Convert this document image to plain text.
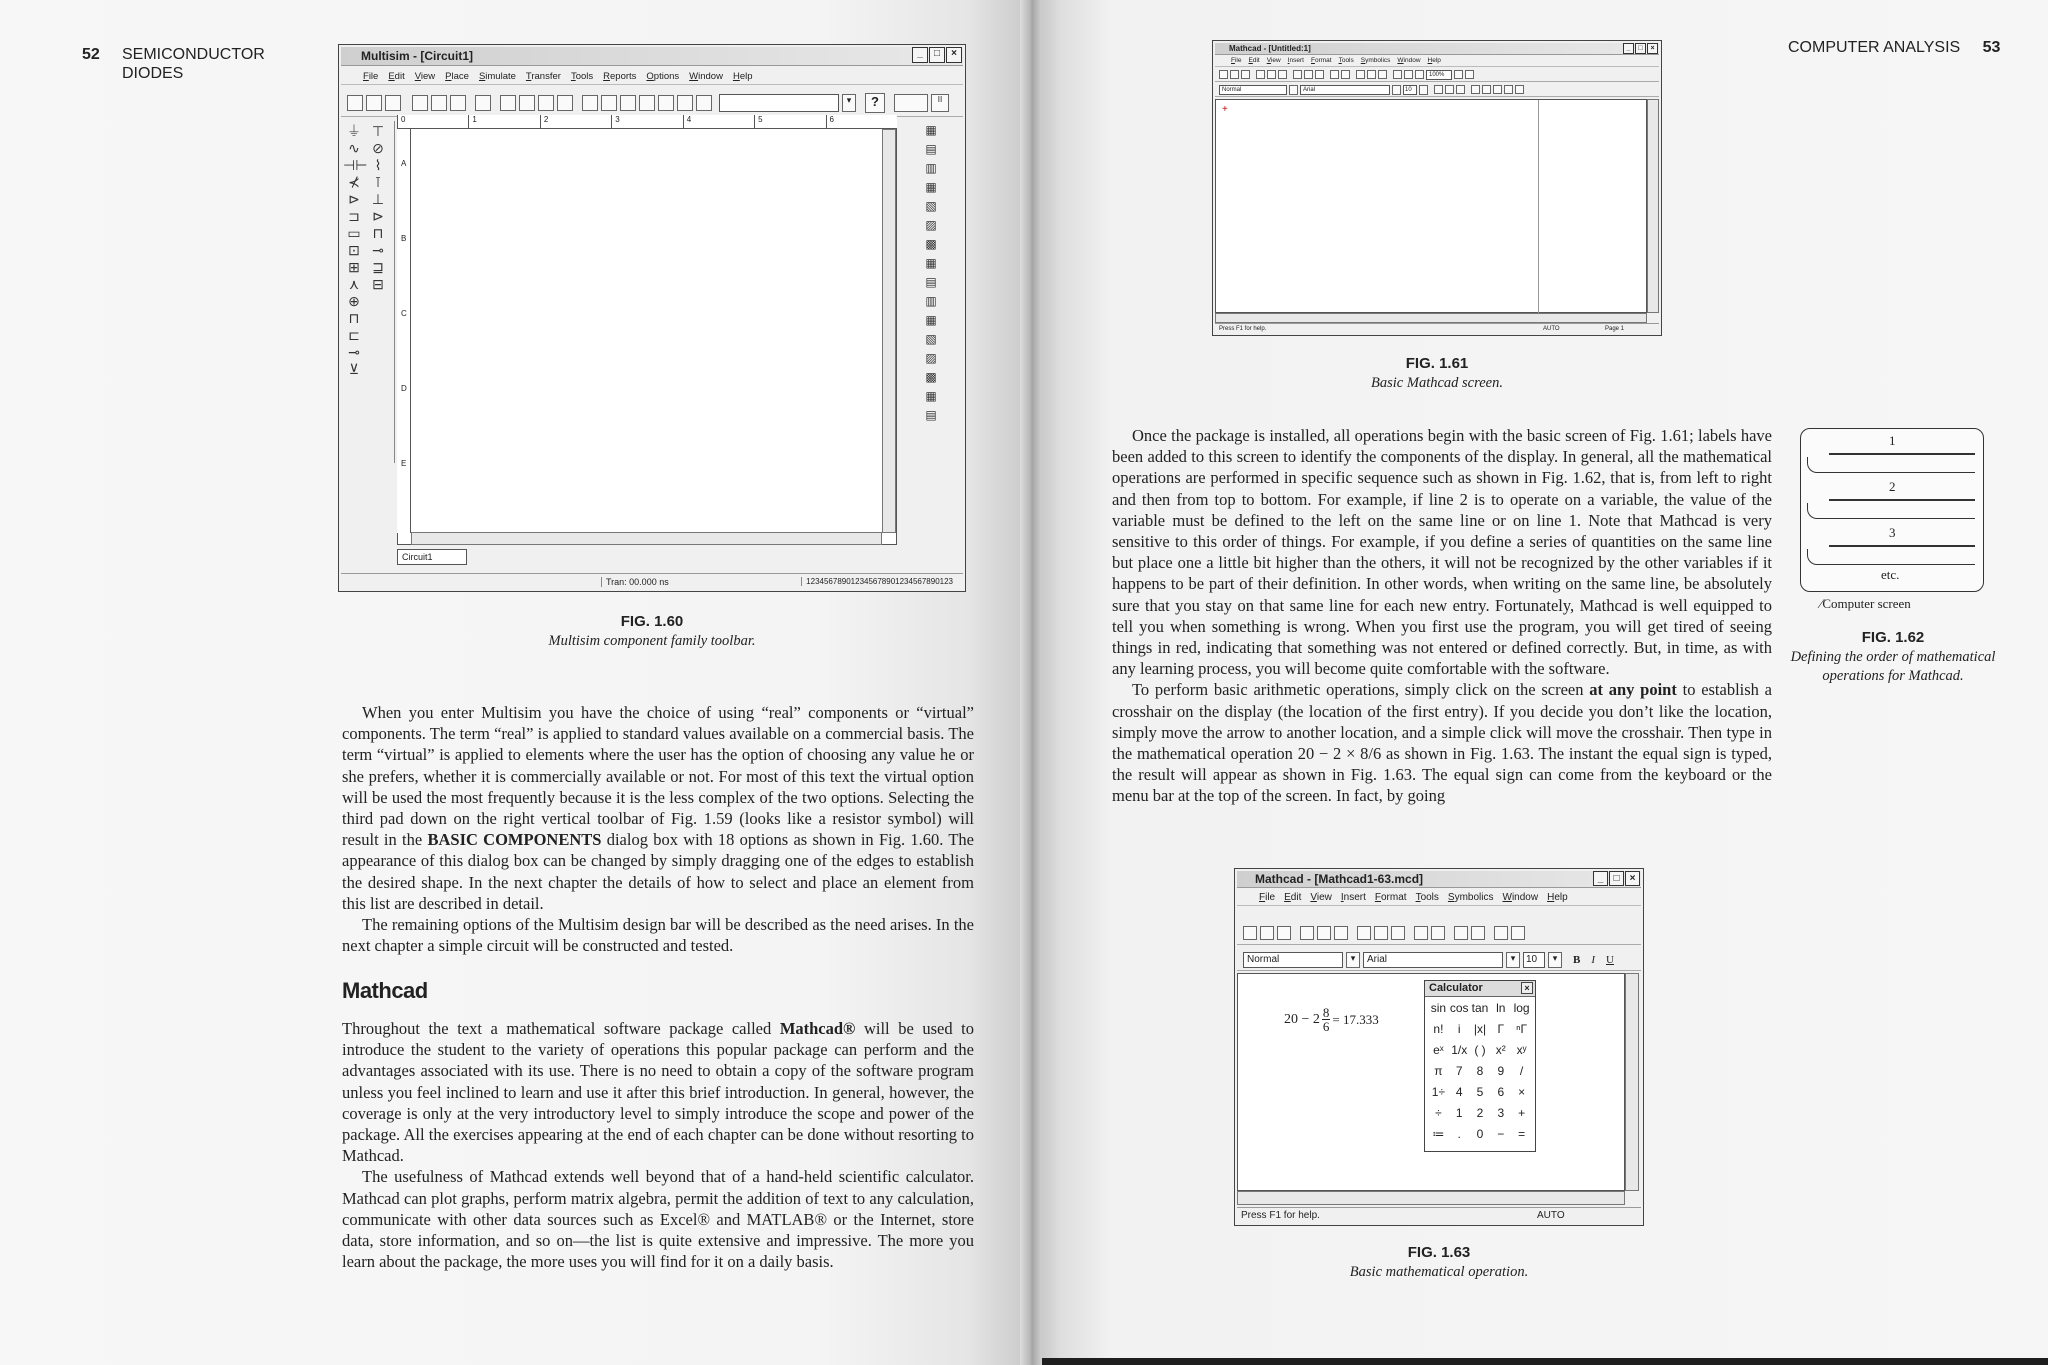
52 SEMICONDUCTOR
DIODES
Multisim - [Circuit1]	_	□	×
File Edit View Place Simulate Transfer Tools Reports Options Window Help
▾	?	II
⏚
∿
⊣⊢
⊀
⊳
⊐
▭
⊡
⊞
⋏
⊕
⊓
⊏
⊸
⊻
⊤
⊘
⌇
⊺
⊥
⊳
⊓
⊸
⊒
⊟

0	1	2	3	4	5	6
A
B
C
D
E
▦
▤
▥
▦
▧
▨
▩
▦
▤
▥
▦
▧
▨
▩
▦
▤
Circuit1
Tran: 00.000 ns	123456789012345678901234567890123
FIG. 1.60
Multisim component family toolbar.

When you enter Multisim you have the choice of using “real” components or “virtual” components. The term “real” is applied to standard values available on a commercial basis. The term “virtual” is applied to elements where the user has the option of choosing any value he or she prefers, whether it is commercially available or not. For most of this text the virtual option will be used the most frequently because it is the less complex of the two options. Selecting the third pad down on the right vertical toolbar of Fig. 1.59 (looks like a resistor symbol) will result in the BASIC COMPONENTS dialog box with 18 options as shown in Fig. 1.60. The appearance of this dialog box can be changed by simply dragging one of the edges to establish the desired shape. In the next chapter the details of how to select and place an element from this list are described in detail.

The remaining options of the Multisim design bar will be described as the need arises. In the next chapter a simple circuit will be constructed and tested.

Mathcad

Throughout the text a mathematical software package called Mathcad® will be used to introduce the student to the variety of operations this popular package can perform and the advantages associated with its use. There is no need to obtain a copy of the software program unless you feel inclined to learn and use it after this brief introduction. In general, however, the coverage is only at the very introductory level to simply introduce the scope and power of the package. All the exercises appearing at the end of each chapter can be done without resorting to Mathcad.

The usefulness of Mathcad extends well beyond that of a hand-held scientific calculator. Mathcad can plot graphs, perform matrix algebra, permit the addition of text to any calculation, communicate with other data sources such as Excel® and MATLAB® or the Internet, store data, store information, and so on—the list is quite extensive and impressive. The more you learn about the package, the more uses you will find for it on a daily basis.

COMPUTER ANALYSIS 53
Mathcad - [Untitled:1]	_	□	×
File Edit View Insert Format Tools Symbolics Window Help
100%
Normal	Arial	10
+
Press F1 for help.	AUTO	Page 1
FIG. 1.61
Basic Mathcad screen.

Once the package is installed, all operations begin with the basic screen of Fig. 1.61; labels have been added to this screen to identify the components of the display. In general, all the mathematical operations are performed in specific sequence such as shown in Fig. 1.62, that is, from left to right and then from top to bottom. For example, if line 2 is to operate on a variable, the value of the variable must be defined to the left on the same line or on line 1. Note that Mathcad is very sensitive to this order of things. For example, if you define a series of quantities on the same line but place one a little bit higher than the others, it will not be recognized by the other variables if it happens to be part of their definition. In other words, when writing on the same line, be absolutely sure that you stay on that same line for each new entry. Fortunately, Mathcad is well equipped to tell you when something is wrong. When you first use the program, you will get tired of seeing things in red, indicating that something was not entered or defined correctly. But, in time, as with any learning process, you will become quite comfortable with the software.

To perform basic arithmetic operations, simply click on the screen at any point to establish a crosshair on the display (the location of the first entry). If you decide you don’t like the location, simply move the arrow to another location, and a simple click will move the crosshair. Then type in the mathematical operation 20 − 2 × 8/6 as shown in Fig. 1.63. The instant the equal sign is typed, the result will appear as shown in Fig. 1.63. The equal sign can come from the keyboard or the menu bar at the top of the screen. In fact, by going

1
2
3
etc.
⁄Computer screen
FIG. 1.62
Defining the order of mathematical operations for Mathcad.
Mathcad - [Mathcad1-63.mcd]	_	□	×
File Edit View Insert Format Tools Symbolics Window Help
Normal	▾	Arial	▾	10	▾	B I U
$20 - 2 \frac{8}{6} = 17.333$
Calculator	×
sin cos tan ln log
n!	i	|x| Γ ⁿΓ
eˣ 1/x ( ) x² xʸ
π	7	8	9	/
1÷ 4	5	6	×
÷	1	2	3	+
≔	.	0	−	=
Press F1 for help.	AUTO
FIG. 1.63
Basic mathematical operation.
